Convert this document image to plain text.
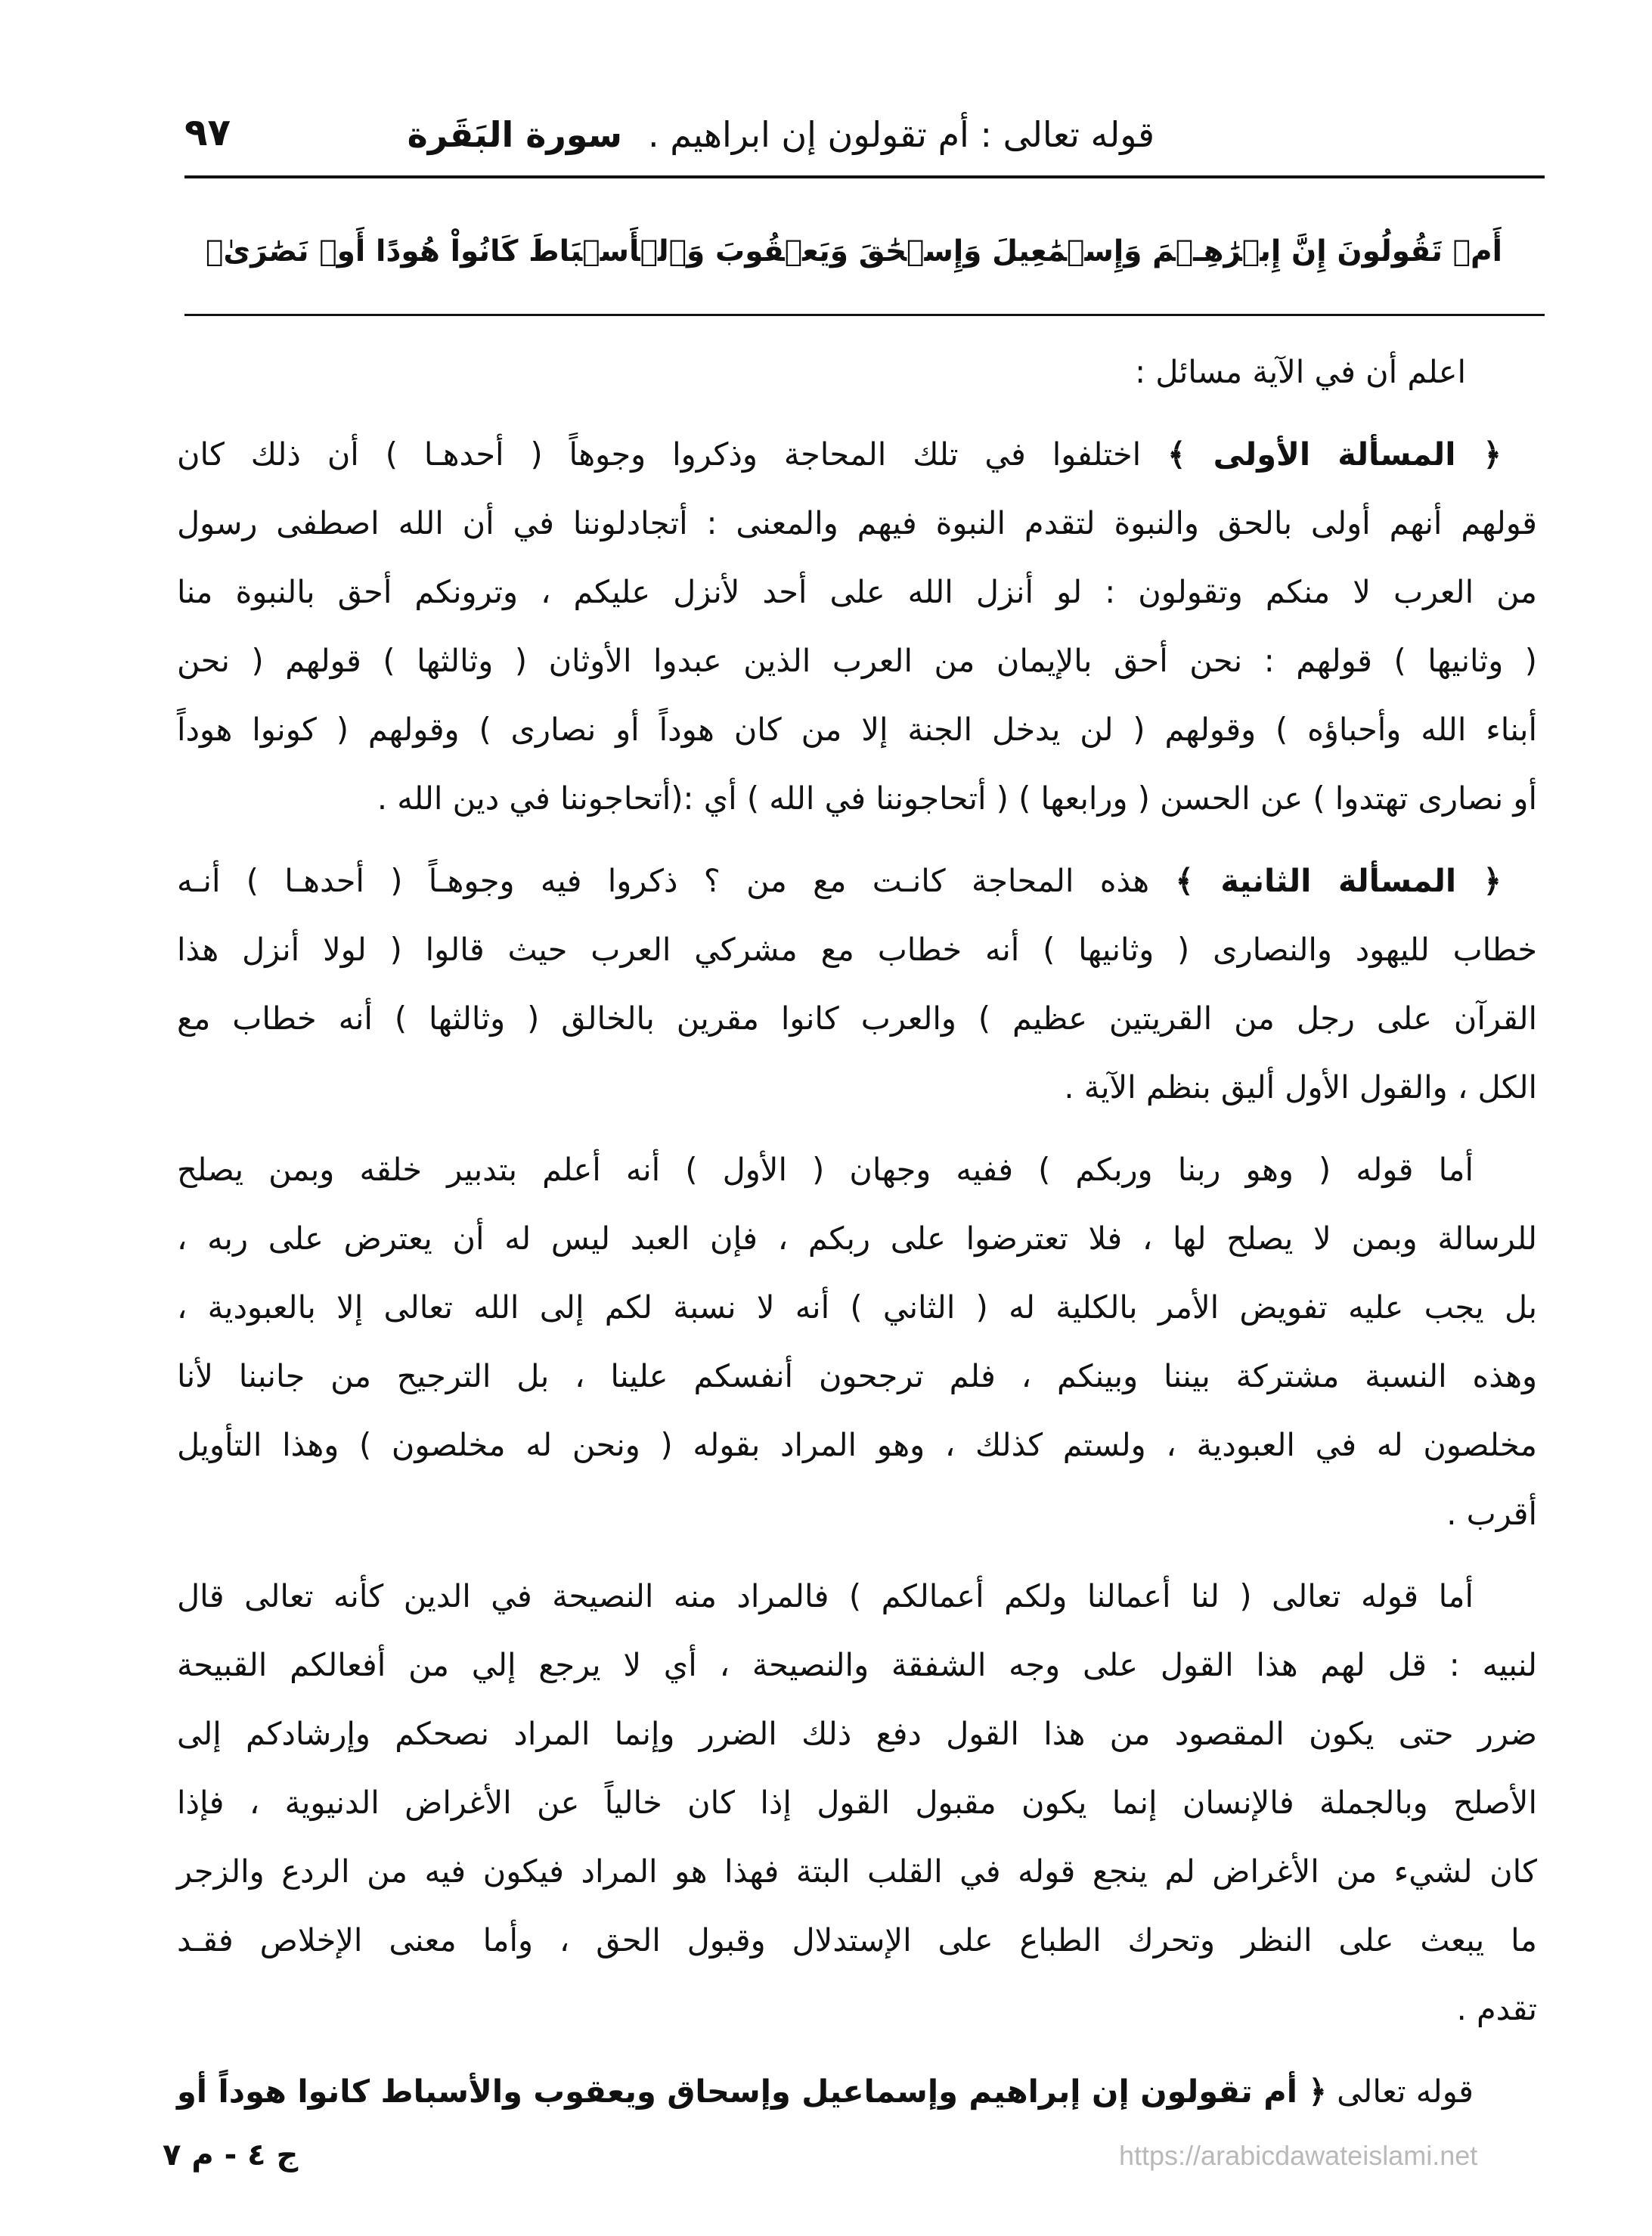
قوله تعالى : أم تقولون إن ابراهيم .سورة البَقَرة
٩٧
أَمۡ تَقُولُونَ إِنَّ إِبۡرَٰهِـۧمَ وَإِسۡمَٰعِيلَ وَإِسۡحَٰقَ وَيَعۡقُوبَ وَٱلۡأَسۡبَاطَ كَانُواْ هُودًا أَوۡ نَصَٰرَىٰۗ
اعلم أن في الآية مسائل :
﴿ المسألة الأولى ﴾ اختلفوا في تلك المحاجة وذكروا وجوهاً ( أحدهـا ) أن ذلك كان
قولهم أنهم أولى بالحق والنبوة لتقدم النبوة فيهم والمعنى : أتجادلوننا في أن الله اصطفى رسول
من العرب لا منكم وتقولون : لو أنزل الله على أحد لأنزل عليكم ، وترونكم أحق بالنبوة منا
( وثانيها ) قولهم : نحن أحق بالإيمان من العرب الذين عبدوا الأوثان ( وثالثها ) قولهم ( نحن
أبناء الله وأحباؤه ) وقولهم ( لن يدخل الجنة إلا من كان هوداً أو نصارى ) وقولهم ( كونوا هوداً
أو نصارى تهتدوا ) عن الحسن ( ورابعها ) ( أتحاجوننا في الله ) أي :(أتحاجوننا في دين الله .
﴿ المسألة الثانية ﴾ هذه المحاجة كانـت مع من ؟ ذكروا فيه وجوهـاً ( أحدهـا ) أنـه
خطاب لليهود والنصارى ( وثانيها ) أنه خطاب مع مشركي العرب حيث قالوا ( لولا أنزل هذا
القرآن على رجل من القريتين عظيم ) والعرب كانوا مقرين بالخالق ( وثالثها ) أنه خطاب مع
الكل ، والقول الأول أليق بنظم الآية .
أما قوله ( وهو ربنا وربكم ) ففيه وجهان ( الأول ) أنه أعلم بتدبير خلقه وبمن يصلح
للرسالة وبمن لا يصلح لها ، فلا تعترضوا على ربكم ، فإن العبد ليس له أن يعترض على ربه ،
بل يجب عليه تفويض الأمر بالكلية له ( الثاني ) أنه لا نسبة لكم إلى الله تعالى إلا بالعبودية ،
وهذه النسبة مشتركة بيننا وبينكم ، فلم ترجحون أنفسكم علينا ، بل الترجيح من جانبنا لأنا
مخلصون له في العبودية ، ولستم كذلك ، وهو المراد بقوله ( ونحن له مخلصون ) وهذا التأويل
أقرب .
أما قوله تعالى ( لنا أعمالنا ولكم أعمالكم ) فالمراد منه النصيحة في الدين كأنه تعالى قال
لنبيه : قل لهم هذا القول على وجه الشفقة والنصيحة ، أي لا يرجع إلي من أفعالكم القبيحة
ضرر حتى يكون المقصود من هذا القول دفع ذلك الضرر وإنما المراد نصحكم وإرشادكم إلى
الأصلح وبالجملة فالإنسان إنما يكون مقبول القول إذا كان خالياً عن الأغراض الدنيوية ، فإذا
كان لشيء من الأغراض لم ينجع قوله في القلب البتة فهذا هو المراد فيكون فيه من الردع والزجر
ما يبعث على النظر وتحرك الطباع على الإستدلال وقبول الحق ، وأما معنى الإخلاص فقـد
تقدم .
قوله تعالى ﴿ أم تقولون إن إبراهيم وإسماعيل وإسحاق ويعقوب والأسباط كانوا هوداً أو
ج ٤ - م ٧	https://arabicdawateislami.net
